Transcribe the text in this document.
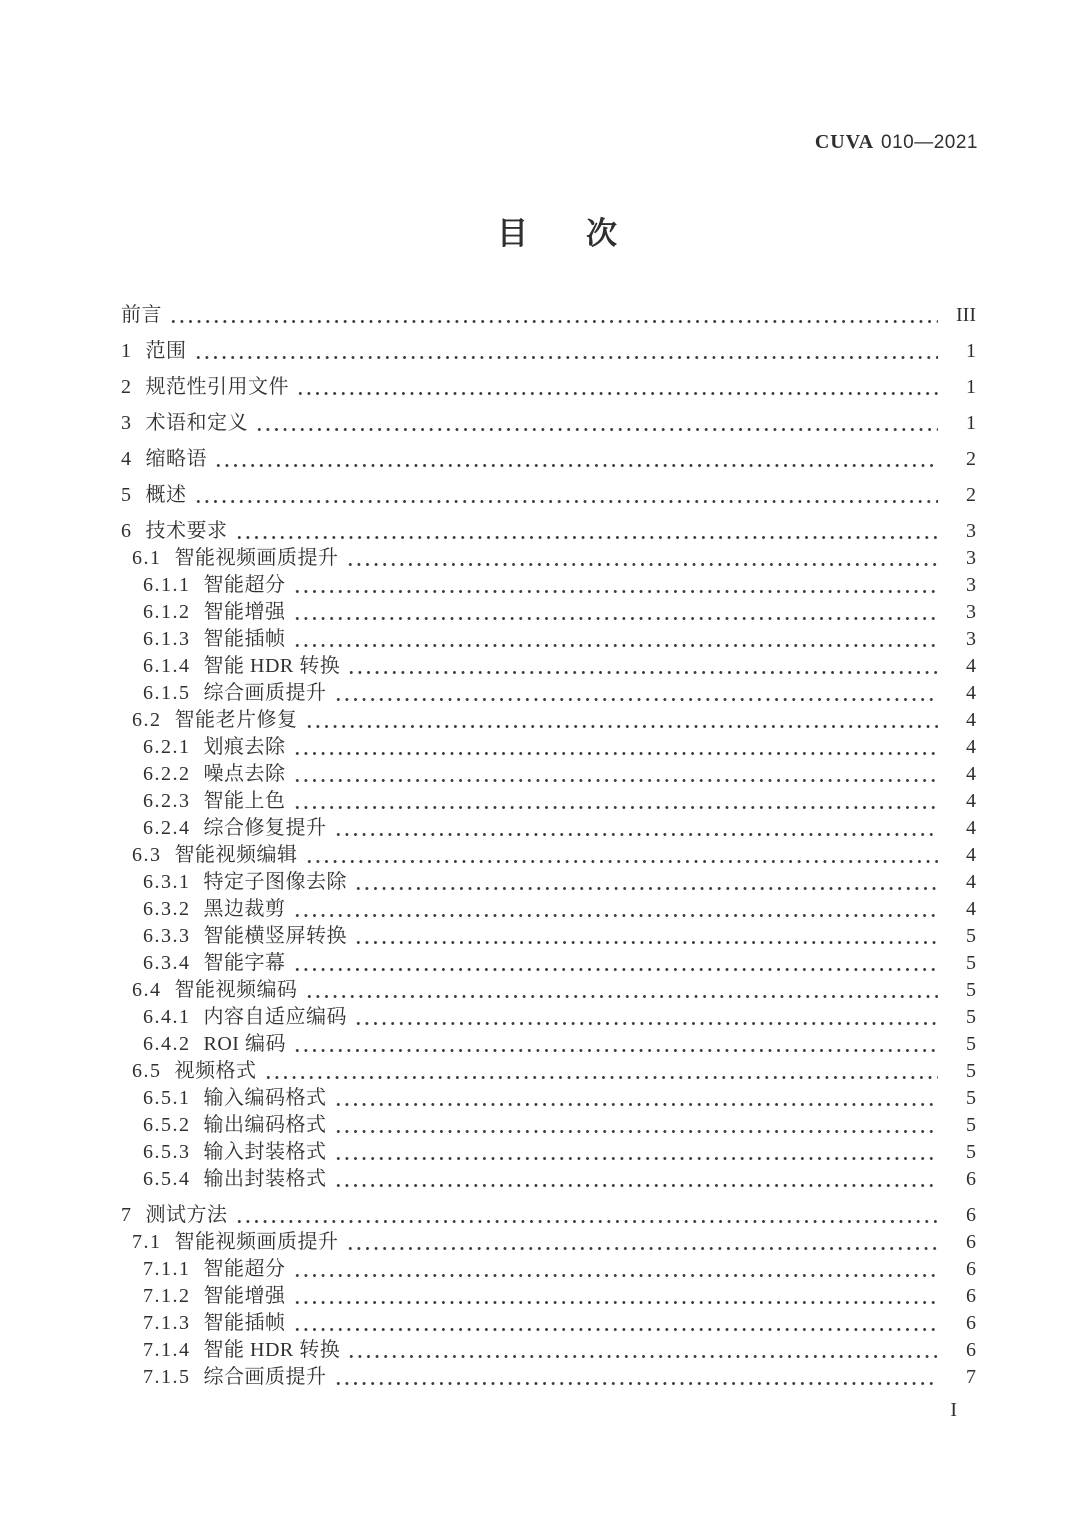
CUVA 010—2021
目 次
前言	III
1 范围	1
2 规范性引用文件	1
3 术语和定义	1
4 缩略语	2
5 概述	2
6 技术要求	3
6.1 智能视频画质提升	3
6.1.1 智能超分	3
6.1.2 智能增强	3
6.1.3 智能插帧	3
6.1.4 智能 HDR 转换	4
6.1.5 综合画质提升	4
6.2 智能老片修复	4
6.2.1 划痕去除	4
6.2.2 噪点去除	4
6.2.3 智能上色	4
6.2.4 综合修复提升	4
6.3 智能视频编辑	4
6.3.1 特定子图像去除	4
6.3.2 黑边裁剪	4
6.3.3 智能横竖屏转换	5
6.3.4 智能字幕	5
6.4 智能视频编码	5
6.4.1 内容自适应编码	5
6.4.2 ROI 编码	5
6.5 视频格式	5
6.5.1 输入编码格式	5
6.5.2 输出编码格式	5
6.5.3 输入封装格式	5
6.5.4 输出封装格式	6
7 测试方法	6
7.1 智能视频画质提升	6
7.1.1 智能超分	6
7.1.2 智能增强	6
7.1.3 智能插帧	6
7.1.4 智能 HDR 转换	6
7.1.5 综合画质提升	7
I
